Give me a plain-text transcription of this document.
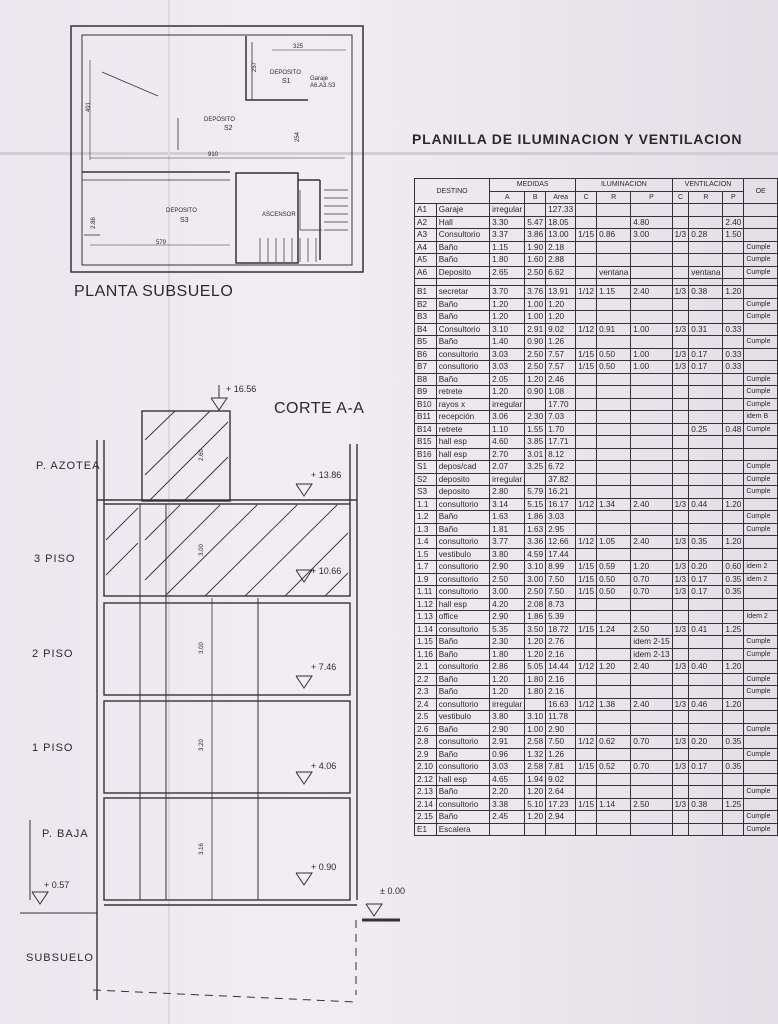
325
491
910
579
257
254
2.86
DEPOSITO
S1
DEPOSITO
S2
DEPOSITO
S3
ASCENSOR
Garaje
A6.A3.S3
PLANTA SUBSUELO
CORTE A-A
+ 16.56
+ 13.86
+ 10.66
+ 7.46
+ 4.06
+ 0.90
± 0.00
+ 0.57
P. AZOTEA
3 PISO
2 PISO
1 PISO
P. BAJA
SUBSUELO
2.60
3.00
3.00
3.20
3.16
PLANILLA DE ILUMINACION Y VENTILACION
DESTINO		MEDIDAS			ILUMINACION			VENTILACION			OE
		A	B	Area	C	R	P	C	R	P	
A1	Garaje	irregular		127.33							
A2	Hall	3.30	5.47	18.05			4.80			2.40	
A3	Consultorio	3.37	3.86	13.00	1/15	0.86	3.00	1/3	0.28	1.50	
A4	Baño	1.15	1.90	2.18							Cumple
A5	Baño	1.80	1.60	2.88							Cumple
A6	Deposito	2.65	2.50	6.62		ventana			ventana		Cumple

B1	secretar	3.70	3.76	13.91	1/12	1.15	2.40	1/3	0.38	1.20	
B2	Baño	1.20	1.00	1.20							Cumple
B3	Baño	1.20	1.00	1.20							Cumple
B4	Consultorio	3.10	2.91	9.02	1/12	0.91	1.00	1/3	0.31	0.33	
B5	Baño	1.40	0.90	1.26							Cumple
B6	consultorio	3.03	2.50	7.57	1/15	0.50	1.00	1/3	0.17	0.33	
B7	consultorio	3.03	2.50	7.57	1/15	0.50	1.00	1/3	0.17	0.33	
B8	Baño	2.05	1.20	2.46							Cumple
B9	retrete	1.20	0.90	1.08							Cumple
B10	rayos x	irregular		17.70							Cumple
B11	recepción	3.06	2.30	7.03							idem B
B14	retrete	1.10	1.55	1.70					0.25	0.48	Cumple
B15	hall esp	4.60	3.85	17.71							
B16	hall esp	2.70	3.01	8.12							
S1	depos/cad	2.07	3.25	6.72							Cumple
S2	deposito	irregular		37.82							Cumple
S3	deposito	2.80	5.79	16.21							Cumple
1.1	consultorio	3.14	5.15	16.17	1/12	1.34	2.40	1/3	0.44	1.20	
1.2	Baño	1.63	1.86	3.03							Cumple
1.3	Baño	1.81	1.63	2.95							Cumple
1.4	consultorio	3.77	3.36	12.66	1/12	1.05	2.40	1/3	0.35	1.20	
1.5	vestibulo	3.80	4.59	17.44							
1.7	consultorio	2.90	3.10	8.99	1/15	0.59	1.20	1/3	0.20	0.60	idem 2
1.9	consultorio	2.50	3.00	7.50	1/15	0.50	0.70	1/3	0.17	0.35	idem 2
1.11	consultorio	3.00	2.50	7.50	1/15	0.50	0.70	1/3	0.17	0.35	
1.12	hall esp	4.20	2.08	8.73							
1.13	office	2.90	1.86	5.39							Idem 2
1.14	consultorio	5.35	3.50	18.72	1/15	1.24	2.50	1/3	0.41	1.25	
1.15	Baño	2.30	1.20	2.76			idem 2-15				Cumple
1.16	Baño	1.80	1.20	2.16			idem 2-13				Cumple
2.1	consultorio	2.86	5.05	14.44	1/12	1.20	2.40	1/3	0.40	1.20	
2.2	Baño	1.20	1.80	2.16							Cumple
2.3	Baño	1.20	1.80	2.16							Cumple
2.4	consultorio	irregular		16.63	1/12	1.38	2.40	1/3	0.46	1.20	
2.5	vestibulo	3.80	3.10	11.78							
2.6	Baño	2.90	1.00	2.90							Cumple
2.8	consultorio	2.91	2.58	7.50	1/12	0.62	0.70	1/3	0.20	0.35	
2.9	Baño	0.96	1.32	1.26							Cumple
2.10	consultorio	3.03	2.58	7.81	1/15	0.52	0.70	1/3	0.17	0.35	
2.12	hall esp	4.65	1.94	9.02							
2.13	Baño	2.20	1.20	2.64							Cumple
2.14	consultorio	3.38	5.10	17.23	1/15	1.14	2.50	1/3	0.38	1.25	
2.15	Baño	2.45	1.20	2.94							Cumple
E1	Escalera										Cumple
